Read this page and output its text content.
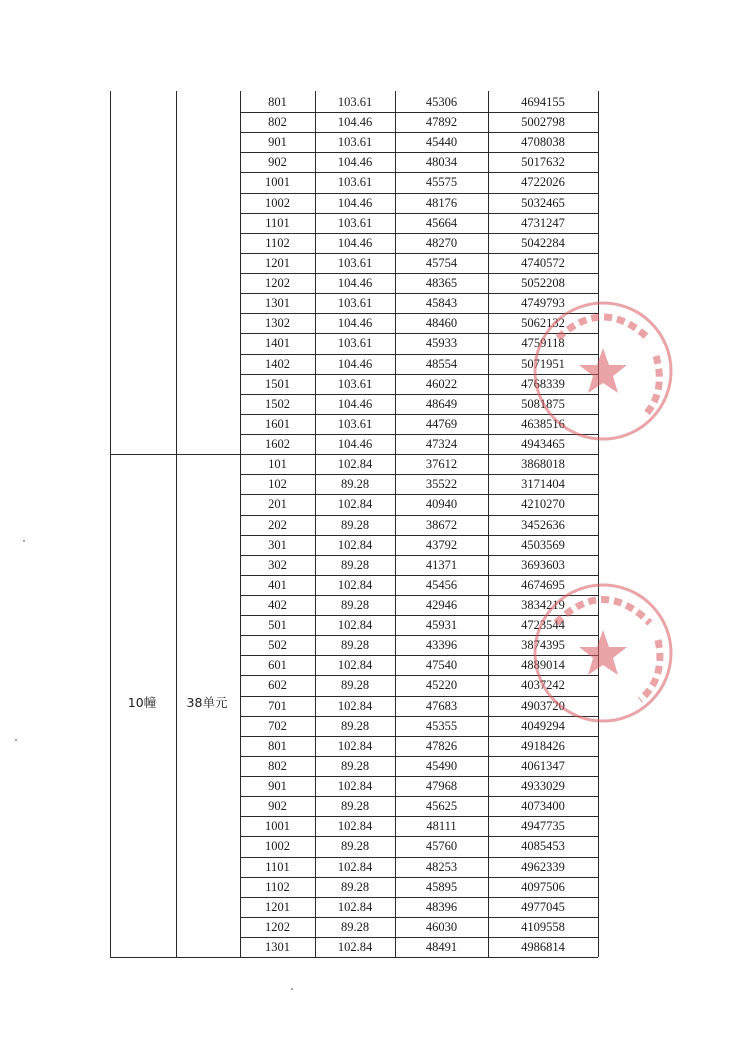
801	103.61	45306	4694155
802	104.46	47892	5002798
901	103.61	45440	4708038
902	104.46	48034	5017632
1001	103.61	45575	4722026
1002	104.46	48176	5032465
1101	103.61	45664	4731247
1102	104.46	48270	5042284
1201	103.61	45754	4740572
1202	104.46	48365	5052208
1301	103.61	45843	4749793
1302	104.46	48460	5062132
1401	103.61	45933	4759118
1402	104.46	48554	5071951
1501	103.61	46022	4768339
1502	104.46	48649	5081875
1601	103.61	44769	4638516
1602	104.46	47324	4943465
101	102.84	37612	3868018
102	89.28	35522	3171404
201	102.84	40940	4210270
202	89.28	38672	3452636
301	102.84	43792	4503569
302	89.28	41371	3693603
401	102.84	45456	4674695
402	89.28	42946	3834219
501	102.84	45931	4723544
502	89.28	43396	3874395
601	102.84	47540	4889014
602	89.28	45220	4037242
701	102.84	47683	4903720
702	89.28	45355	4049294
801	102.84	47826	4918426
802	89.28	45490	4061347
901	102.84	47968	4933029
902	89.28	45625	4073400
1001	102.84	48111	4947735
1002	89.28	45760	4085453
1101	102.84	48253	4962339
1102	89.28	45895	4097506
1201	102.84	48396	4977045
1202	89.28	46030	4109558
1301	102.84	48491	4986814
10幢	38单元
